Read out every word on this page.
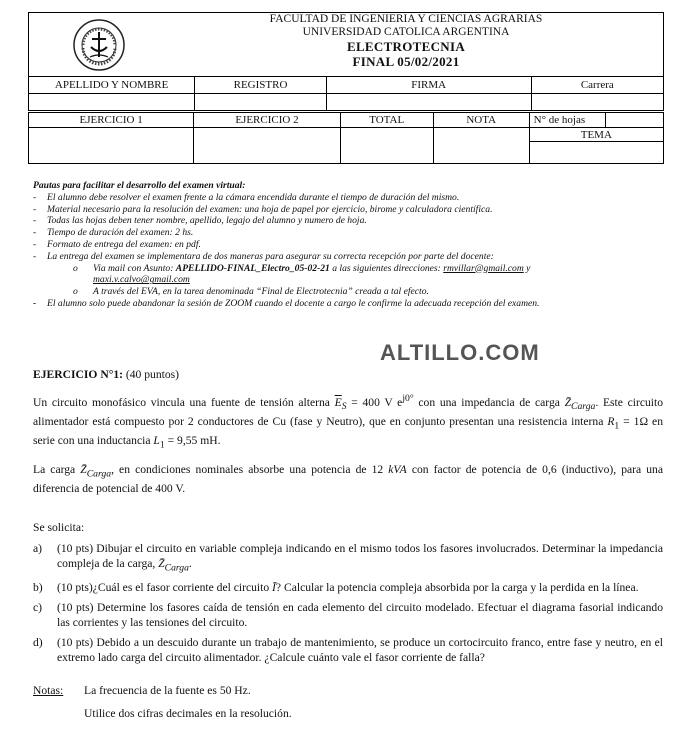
FACULTAD DE INGENIERIA Y CIENCIAS AGRARIAS
UNIVERSIDAD CATOLICA ARGENTINA
ELECTROTECNIA
FINAL 05/02/2021
APELLIDO Y NOMBRE	REGISTRO	FIRMA	Carrera

EJERCICIO 1	EJERCICIO 2	TOTAL	NOTA	N° de hojas	
				TEMA	

Pautas para facilitar el desarrollo del examen virtual:
-	El alumno debe resolver el examen frente a la cámara encendida durante el tiempo de duración del mismo.
-	Material necesario para la resolución del examen: una hoja de papel por ejercicio, birome y calculadora científica.
-	Todas las hojas deben tener nombre, apellido, legajo del alumno y numero de hoja.
-	Tiempo de duración del examen: 2 hs.
-	Formato de entrega del examen: en pdf.
-	La entrega del examen se implementara de dos maneras para asegurar su correcta recepción por parte del docente:
o	Via mail con Asunto: APELLIDO-FINAL_Electro_05-02-21 a las siguientes direcciones: rmvillar@gmail.com y
maxi.v.calvo@gmail.com
o	A través del EVA, en la tarea denominada “Final de Electrotecnia” creada a tal efecto.
-	El alumno solo puede abandonar la sesión de ZOOM cuando el docente a cargo le confirme la adecuada recepción del examen.
ALTILLO.COM

EJERCICIO N°1: (40 puntos)

Un circuito monofásico vincula una fuente de tensión alterna $\overline{E}_S = 400$ V $e^{j0^\circ}$ con una impedancia de carga $Z̄_{Carga}$. Este circuito alimentador está compuesto por 2 conductores de Cu (fase y Neutro), que en conjunto presentan una resistencia interna $R_1 = 1\Omega$ en serie con una inductancia $L_1 = 9,55$ mH.

La carga $Z̄_{Carga}$, en condiciones nominales absorbe una potencia de 12 kVA con factor de potencia de 0,6 (inductivo), para una diferencia de potencial de 400 V.

Se solicita:

a)	(10 pts) Dibujar el circuito en variable compleja indicando en el mismo todos los fasores involucrados. Determinar la impedancia compleja de la carga, $Z̄_{Carga}$.
b)	(10 pts)¿Cuál es el fasor corriente del circuito Ī? Calcular la potencia compleja absorbida por la carga y la perdida en la línea.
c)	(10 pts) Determine los fasores caída de tensión en cada elemento del circuito modelado. Efectuar el diagrama fasorial indicando las corrientes y las tensiones del circuito.
d)	(10 pts) Debido a un descuido durante un trabajo de mantenimiento, se produce un cortocircuito franco, entre fase y neutro, en el extremo lado carga del circuito alimentador. ¿Calcule cuánto vale el fasor corriente de falla?
Notas: La frecuencia de la fuente es 50 Hz.
Utilice dos cifras decimales en la resolución.
